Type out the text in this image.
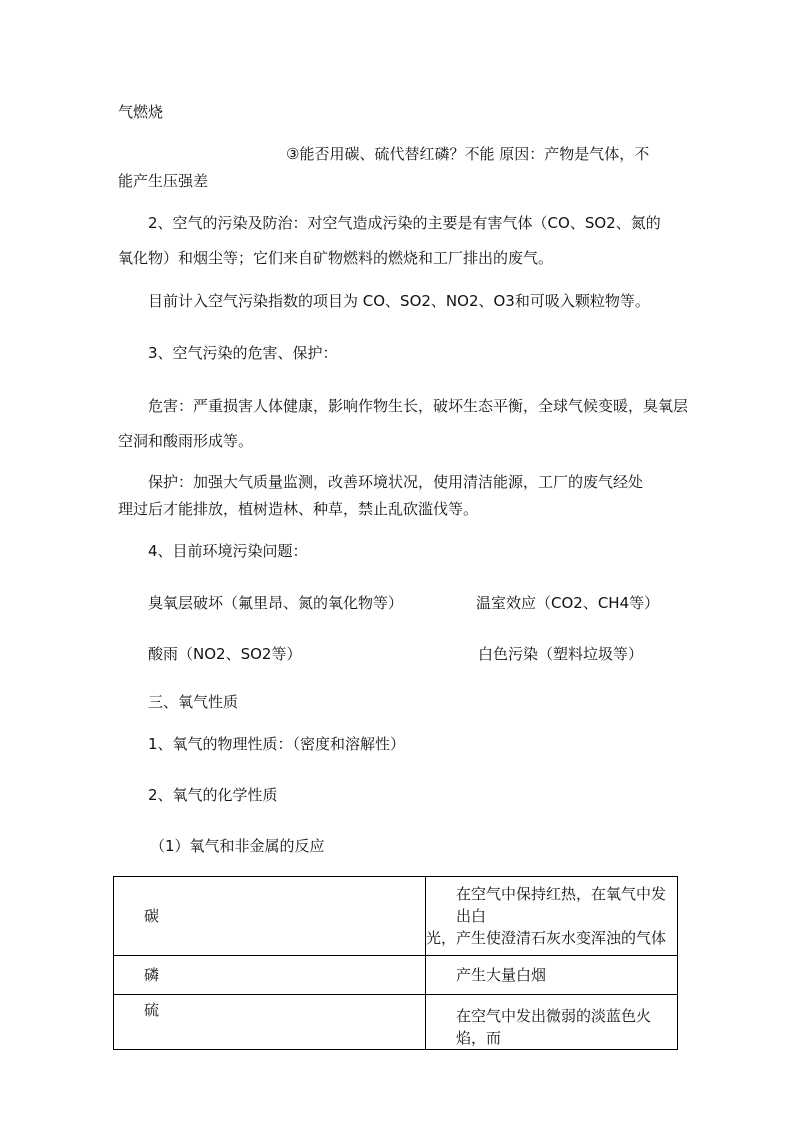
气燃烧
③能否用碳、硫代替红磷？不能 原因：产物是气体，不
能产生压强差
2、空气的污染及防治：对空气造成污染的主要是有害气体（CO、SO2、氮的
氧化物）和烟尘等；它们来自矿物燃料的燃烧和工厂排出的废气。
目前计入空气污染指数的项目为 CO、SO2、NO2、O3和可吸入颗粒物等。
3、空气污染的危害、保护：
危害：严重损害人体健康，影响作物生长，破坏生态平衡，全球气候变暖，臭氧层
空洞和酸雨形成等。
保护：加强大气质量监测，改善环境状况，使用清洁能源，工厂的废气经处
理过后才能排放，植树造林、种草，禁止乱砍滥伐等。
4、目前环境污染问题：
臭氧层破坏（氟里昂、氮的氧化物等）	温室效应（CO2、CH4等）
酸雨（NO2、SO2等）	白色污染（塑料垃圾等）
三、氧气性质
1、氧气的物理性质：（密度和溶解性）
2、氧气的化学性质
（1）氧气和非金属的反应
碳	在空气中保持红热，在氧气中发出白
光，产生使澄清石灰水变浑浊的气体

磷	产生大量白烟

硫	在空气中发出微弱的淡蓝色火焰，而
